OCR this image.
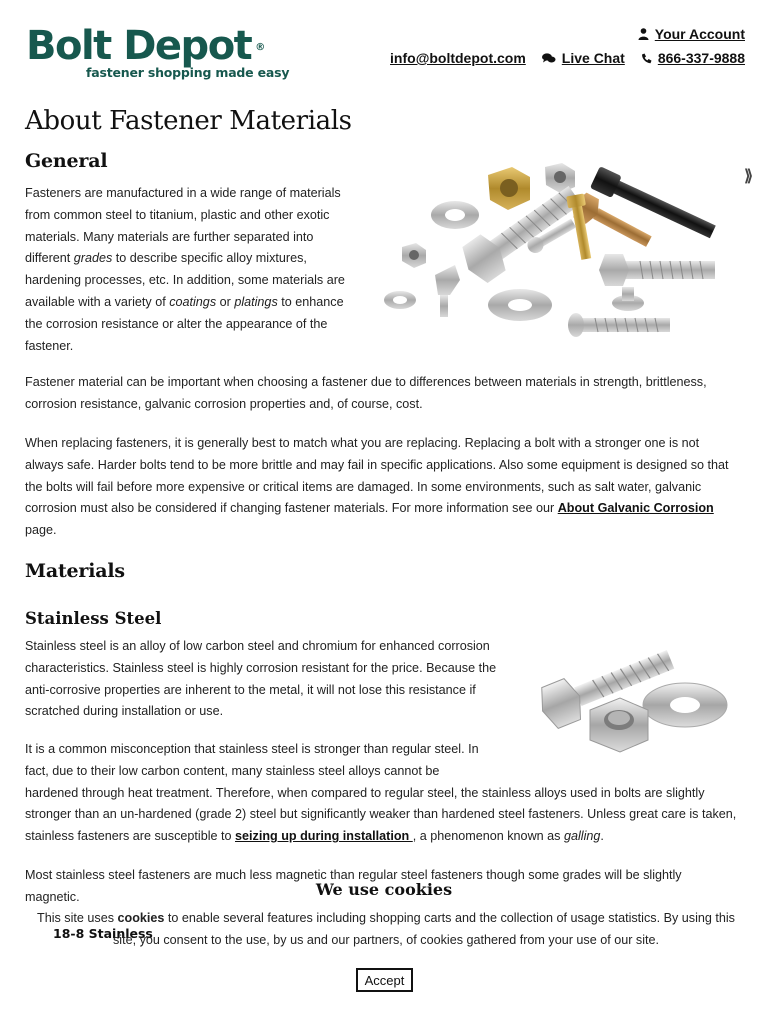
Bolt Depot ®
fastener shopping made easy
Your Account
info@boltdepot.com	Live Chat 866-337-9888
About Fastener Materials
General
Fasteners are manufactured in a wide range of materials
from common steel to titanium, plastic and other exotic
materials. Many materials are further separated into
different grades to describe specific alloy mixtures,
hardening processes, etc. In addition, some materials are
available with a variety of coatings or platings to enhance
the corrosion resistance or alter the appearance of the
fastener.
⟫
Fastener material can be important when choosing a fastener due to differences between materials in strength, brittleness, corrosion resistance, galvanic corrosion properties and, of course, cost.
When replacing fasteners, it is generally best to match what you are replacing. Replacing a bolt with a stronger one is not always safe. Harder bolts tend to be more brittle and may fail in specific applications. Also some equipment is designed so that the bolts will fail before more expensive or critical items are damaged. In some environments, such as salt water, galvanic corrosion must also be considered if changing fastener materials. For more information see our About Galvanic Corrosion page.
Materials
Stainless Steel
Stainless steel is an alloy of low carbon steel and chromium for enhanced corrosion characteristics. Stainless steel is highly corrosion resistant for the price. Because the anti-corrosive properties are inherent to the metal, it will not lose this resistance if scratched during installation or use.
It is a common misconception that stainless steel is stronger than regular steel. In fact, due to their low carbon content, many stainless steel alloys cannot be
hardened through heat treatment. Therefore, when compared to regular steel, the stainless alloys used in bolts are slightly stronger than an un-hardened (grade 2) steel but significantly weaker than hardened steel fasteners. Unless great care is taken, stainless fasteners are susceptible to seizing up during installation , a phenomenon known as galling.
Most stainless steel fasteners are much less magnetic than regular steel fasteners though some grades will be slightly magnetic.
18-8 Stainless
We use cookies
This site uses cookies to enable several features including shopping carts and the collection of usage statistics. By using this site, you consent to the use, by us and our partners, of cookies gathered from your use of our site.
Accept
